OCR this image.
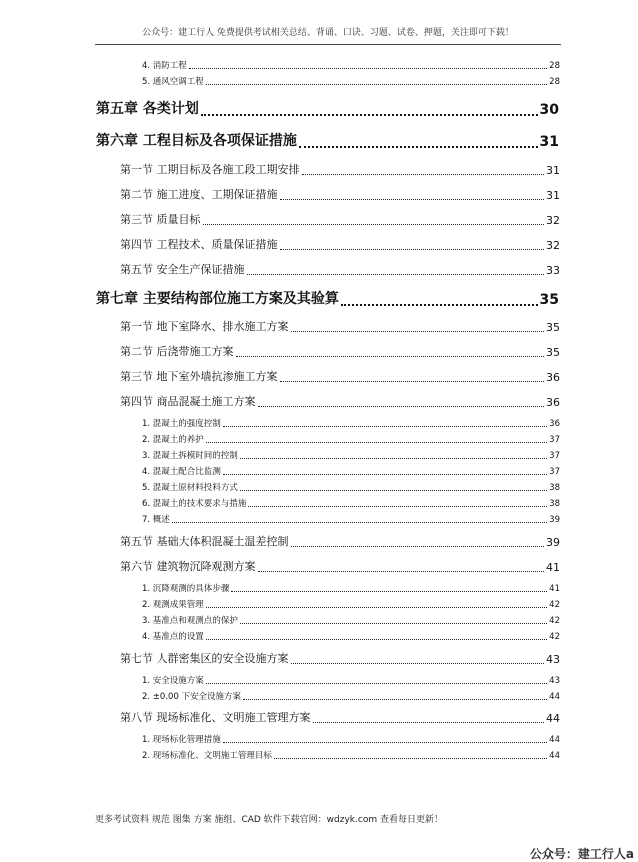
公众号：建工行人 免费提供考试相关总结、背诵、口诀、习题、试卷、押题，关注即可下载！
4. 消防工程	28
5. 通风空调工程	28
第五章 各类计划	30
第六章 工程目标及各项保证措施	31
第一节 工期目标及各施工段工期安排	31
第二节 施工进度、工期保证措施	31
第三节 质量目标	32
第四节 工程技术、质量保证措施	32
第五节 安全生产保证措施	33
第七章 主要结构部位施工方案及其验算	35
第一节 地下室降水、排水施工方案	35
第二节 后浇带施工方案	35
第三节 地下室外墙抗渗施工方案	36
第四节 商品混凝土施工方案	36
1. 混凝土的强度控制	36
2. 混凝土的养护	37
3. 混凝土拆模时间的控制	37
4. 混凝土配合比监测	37
5. 混凝土原材料投料方式	38
6. 混凝土的技术要求与措施	38
7. 概述	39
第五节 基础大体积混凝土温差控制	39
第六节 建筑物沉降观测方案	41
1. 沉降观测的具体步骤	41
2. 观测成果管理	42
3. 基准点和观测点的保护	42
4. 基准点的设置	42
第七节 人群密集区的安全设施方案	43
1. 安全设施方案	43
2. ±0.00 下安全设施方案	44
第八节 现场标准化、文明施工管理方案	44
1. 现场标化管理措施	44
2. 现场标准化、文明施工管理目标	44
更多考试资料 规范 图集 方案 施组、CAD 软件下载官网：wdzyk.com 查看每日更新！
公众号：建工行人a
